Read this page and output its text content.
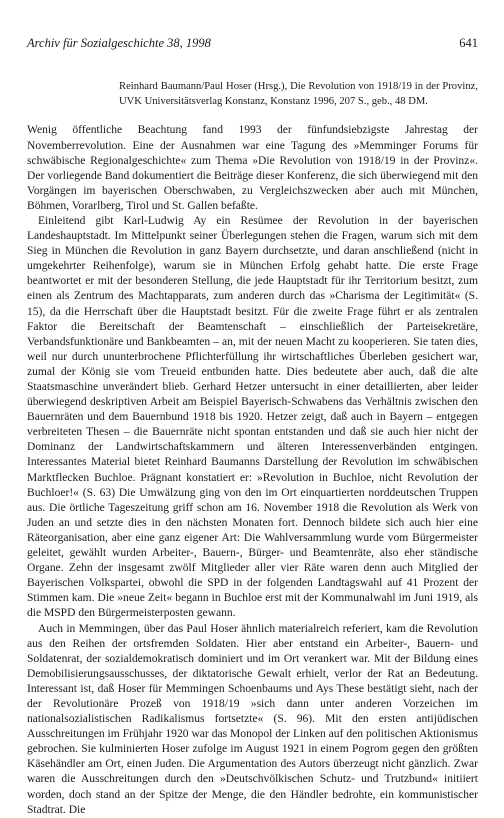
Archiv für Sozialgeschichte 38, 1998	641
Reinhard Baumann/Paul Hoser (Hrsg.), Die Revolution von 1918/19 in der Provinz, UVK Universitätsverlag Konstanz, Konstanz 1996, 207 S., geb., 48 DM.

Wenig öffentliche Beachtung fand 1993 der fünfundsiebzigste Jahrestag der Novemberrevolution. Eine der Ausnahmen war eine Tagung des »Memminger Forums für schwäbische Regionalgeschichte« zum Thema »Die Revolution von 1918/19 in der Provinz«. Der vorliegende Band dokumentiert die Beiträge dieser Konferenz, die sich überwiegend mit den Vorgängen im bayerischen Oberschwaben, zu Vergleichszwecken aber auch mit München, Böhmen, Vorarlberg, Tirol und St. Gallen befaßte.

Einleitend gibt Karl-Ludwig Ay ein Resümee der Revolution in der bayerischen Landeshauptstadt. Im Mittelpunkt seiner Überlegungen stehen die Fragen, warum sich mit dem Sieg in München die Revolution in ganz Bayern durchsetzte, und daran anschließend (nicht in umgekehrter Reihenfolge), warum sie in München Erfolg gehabt hatte. Die erste Frage beantwortet er mit der besonderen Stellung, die jede Hauptstadt für ihr Territorium besitzt, zum einen als Zentrum des Machtapparats, zum anderen durch das »Charisma der Legitimität« (S. 15), da die Herrschaft über die Hauptstadt besitzt. Für die zweite Frage führt er als zentralen Faktor die Bereitschaft der Beamtenschaft – einschließlich der Parteisekretäre, Verbandsfunktionäre und Bankbeamten – an, mit der neuen Macht zu kooperieren. Sie taten dies, weil nur durch ununterbrochene Pflichterfüllung ihr wirtschaftliches Überleben gesichert war, zumal der König sie vom Treueid entbunden hatte. Dies bedeutete aber auch, daß die alte Staatsmaschine unverändert blieb. Gerhard Hetzer untersucht in einer detaillierten, aber leider überwiegend deskriptiven Arbeit am Beispiel Bayerisch-Schwabens das Verhältnis zwischen den Bauernräten und dem Bauernbund 1918 bis 1920. Hetzer zeigt, daß auch in Bayern – entgegen verbreiteten Thesen – die Bauernräte nicht spontan entstanden und daß sie auch hier nicht der Dominanz der Landwirtschaftskammern und älteren Interessenverbänden entgingen. Interessantes Material bietet Reinhard Baumanns Darstellung der Revolution im schwäbischen Marktflecken Buchloe. Prägnant konstatiert er: »Revolution in Buchloe, nicht Revolution der Buchloer!« (S. 63) Die Umwälzung ging von den im Ort einquartierten norddeutschen Truppen aus. Die örtliche Tageszeitung griff schon am 16. November 1918 die Revolution als Werk von Juden an und setzte dies in den nächsten Monaten fort. Dennoch bildete sich auch hier eine Räteorganisation, aber eine ganz eigener Art: Die Wahlversammlung wurde vom Bürgermeister geleitet, gewählt wurden Arbeiter-, Bauern-, Bürger- und Beamtenräte, also eher ständische Organe. Zehn der insgesamt zwölf Mitglieder aller vier Räte waren denn auch Mitglied der Bayerischen Volkspartei, obwohl die SPD in der folgenden Landtagswahl auf 41 Prozent der Stimmen kam. Die »neue Zeit« begann in Buchloe erst mit der Kommunalwahl im Juni 1919, als die MSPD den Bürgermeisterposten gewann.

Auch in Memmingen, über das Paul Hoser ähnlich materialreich referiert, kam die Revolution aus den Reihen der ortsfremden Soldaten. Hier aber entstand ein Arbeiter-, Bauern- und Soldatenrat, der sozialdemokratisch dominiert und im Ort verankert war. Mit der Bildung eines Demobilisierungsausschusses, der diktatorische Gewalt erhielt, verlor der Rat an Bedeutung. Interessant ist, daß Hoser für Memmingen Schoenbaums und Ays These bestätigt sieht, nach der der Revolutionäre Prozeß von 1918/19 »sich dann unter anderen Vorzeichen im nationalsozialistischen Radikalismus fortsetzte« (S. 96). Mit den ersten antijüdischen Ausschreitungen im Frühjahr 1920 war das Monopol der Linken auf den politischen Aktionismus gebrochen. Sie kulminierten Hoser zufolge im August 1921 in einem Pogrom gegen den größten Käsehändler am Ort, einen Juden. Die Argumentation des Autors überzeugt nicht gänzlich. Zwar waren die Ausschreitungen durch den »Deutschvölkischen Schutz- und Trutzbund« initiiert worden, doch stand an der Spitze der Menge, die den Händler bedrohte, ein kommunistischer Stadtrat. Die
